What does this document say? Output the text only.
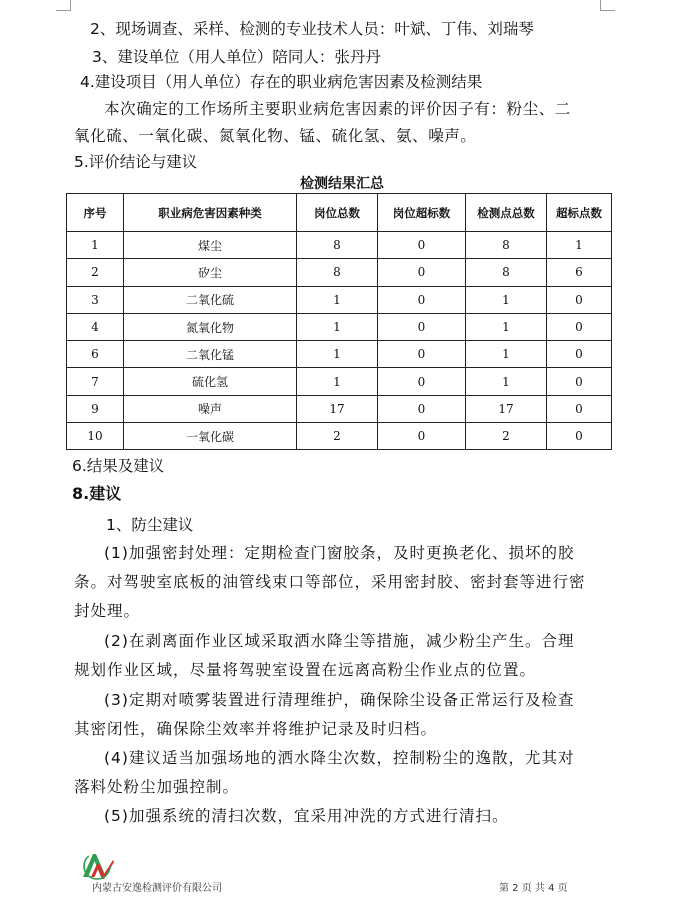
2、现场调查、采样、检测的专业技术人员：叶斌、丁伟、刘瑞琴
3、建设单位（用人单位）陪同人：张丹丹
4.建设项目（用人单位）存在的职业病危害因素及检测结果
本次确定的工作场所主要职业病危害因素的评价因子有：粉尘、二
氧化硫、一氧化碳、氮氧化物、锰、硫化氢、氨、噪声。
5.评价结论与建议
检测结果汇总
序号	职业病危害因素种类	岗位总数	岗位超标数	检测点总数	超标点数
1	煤尘	8	0	8	1
2	矽尘	8	0	8	6
3	二氧化硫	1	0	1	0
4	氮氧化物	1	0	1	0
6	二氧化锰	1	0	1	0
7	硫化氢	1	0	1	0
9	噪声	17	0	17	0
10	一氧化碳	2	0	2	0
6.结果及建议
8.建议
1、防尘建议
(1)加强密封处理：定期检查门窗胶条，及时更换老化、损坏的胶
条。对驾驶室底板的油管线束口等部位，采用密封胶、密封套等进行密
封处理。
(2)在剥离面作业区域采取洒水降尘等措施，减少粉尘产生。合理
规划作业区域，尽量将驾驶室设置在远离高粉尘作业点的位置。
(3)定期对喷雾装置进行清理维护，确保除尘设备正常运行及检查
其密闭性，确保除尘效率并将维护记录及时归档。
(4)建议适当加强场地的洒水降尘次数，控制粉尘的逸散，尤其对
落料处粉尘加强控制。
(5)加强系统的清扫次数，宜采用冲洗的方式进行清扫。
内蒙古安逸检测评价有限公司	第 2 页 共 4 页
